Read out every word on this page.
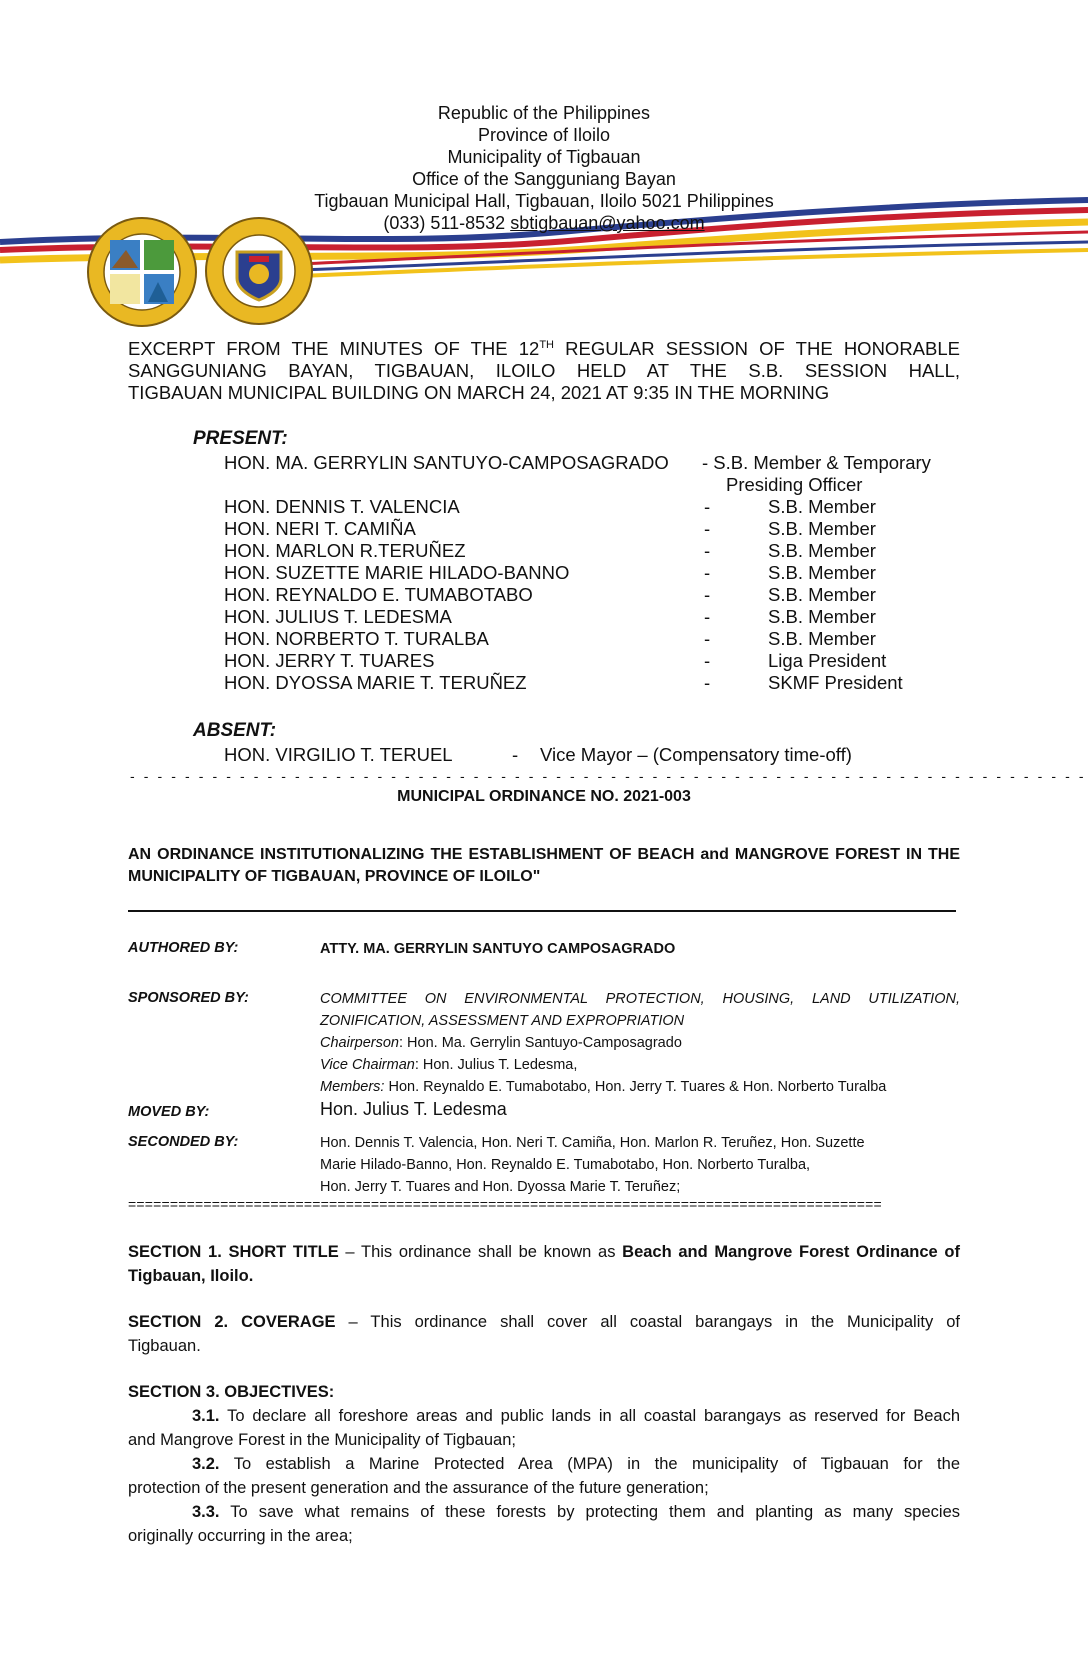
Republic of the Philippines
Province of Iloilo
Municipality of Tigbauan
Office of the Sangguniang Bayan
Tigbauan Municipal Hall, Tigbauan, Iloilo 5021 Philippines
(033) 511-8532 sbtigbauan@yahoo.com
EXCERPT FROM THE MINUTES OF THE 12TH REGULAR SESSION OF THE HONORABLE
SANGGUNIANG BAYAN, TIGBAUAN, ILOILO HELD AT THE S.B. SESSION HALL,
TIGBAUAN MUNICIPAL BUILDING ON MARCH 24, 2021 AT 9:35 IN THE MORNING
PRESENT:
HON. MA. GERRYLIN SANTUYO-CAMPOSAGRADO - S.B. Member & Temporary
Presiding Officer
HON. DENNIS T. VALENCIA	-	S.B. Member
HON. NERI T. CAMIÑA	-	S.B. Member
HON. MARLON R.TERUÑEZ	-	S.B. Member
HON. SUZETTE MARIE HILADO-BANNO	-	S.B. Member
HON. REYNALDO E. TUMABOTABO	-	S.B. Member
HON. JULIUS T. LEDESMA	-	S.B. Member
HON. NORBERTO T. TURALBA	-	S.B. Member
HON. JERRY T. TUARES	-	Liga President
HON. DYOSSA MARIE T. TERUÑEZ	-	SKMF President
ABSENT:
HON. VIRGILIO T. TERUEL	- Vice Mayor – (Compensatory time-off)
- - - - - - - - - - - - - - - - - - - - - - - - - - - - - - - - - - - - - - - - - - - - - - - - - - - - - - - - - - - - - - - - - - - - - -
MUNICIPAL ORDINANCE NO. 2021-003
AN ORDINANCE INSTITUTIONALIZING THE ESTABLISHMENT OF BEACH and MANGROVE FOREST IN THE
MUNICIPALITY OF TIGBAUAN, PROVINCE OF ILOILO"
AUTHORED BY:	ATTY. MA. GERRYLIN SANTUYO CAMPOSAGRADO
SPONSORED BY:	COMMITTEE ON ENVIRONMENTAL PROTECTION, HOUSING, LAND UTILIZATION,
ZONIFICATION, ASSESSMENT AND EXPROPRIATION
Chairperson: Hon. Ma. Gerrylin Santuyo-Camposagrado
Vice Chairman: Hon. Julius T. Ledesma,
Members: Hon. Reynaldo E. Tumabotabo, Hon. Jerry T. Tuares & Hon. Norberto Turalba
MOVED BY:	Hon. Julius T. Ledesma
SECONDED BY:	Hon. Dennis T. Valencia, Hon. Neri T. Camiña, Hon. Marlon R. Teruñez, Hon. Suzette
Marie Hilado-Banno, Hon. Reynaldo E. Tumabotabo, Hon. Norberto Turalba,
Hon. Jerry T. Tuares and Hon. Dyossa Marie T. Teruñez;
==========================================================================================
SECTION 1. SHORT TITLE – This ordinance shall be known as Beach and Mangrove Forest Ordinance of
Tigbauan, Iloilo.
SECTION 2. COVERAGE – This ordinance shall cover all coastal barangays in the Municipality of
Tigbauan.
SECTION 3. OBJECTIVES:
3.1. To declare all foreshore areas and public lands in all coastal barangays as reserved for Beach
and Mangrove Forest in the Municipality of Tigbauan;
3.2. To establish a Marine Protected Area (MPA) in the municipality of Tigbauan for the
protection of the present generation and the assurance of the future generation;
3.3. To save what remains of these forests by protecting them and planting as many species
originally occurring in the area;
